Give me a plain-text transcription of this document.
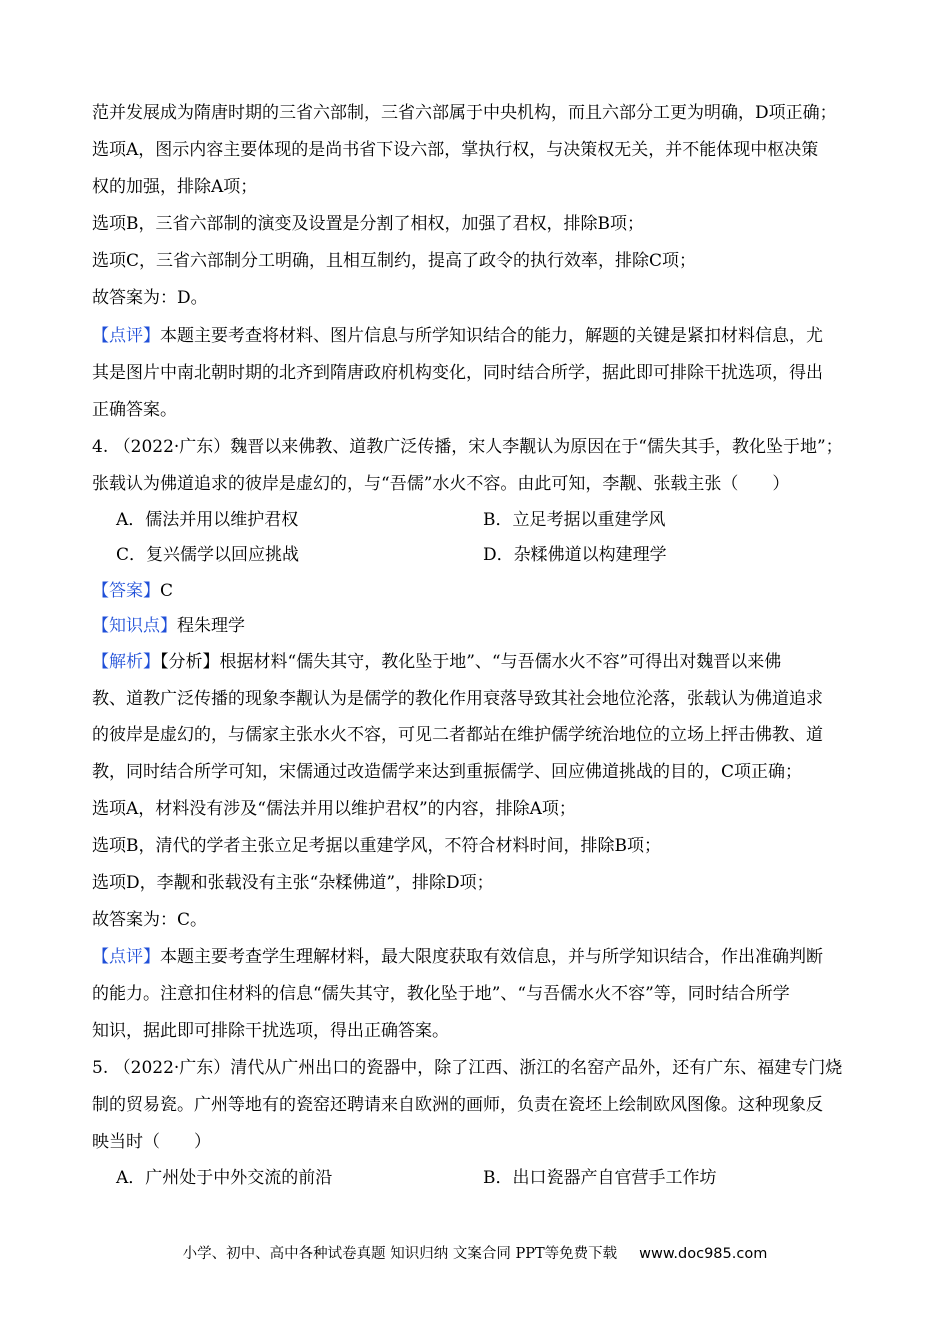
范并发展成为隋唐时期的三省六部制，三省六部属于中央机构，而且六部分工更为明确，D项正确；
选项A，图示内容主要体现的是尚书省下设六部，掌执行权，与决策权无关，并不能体现中枢决策
权的加强，排除A项；
选项B，三省六部制的演变及设置是分割了相权，加强了君权，排除B项；
选项C，三省六部制分工明确，且相互制约，提高了政令的执行效率，排除C项；
故答案为：D。
【点评】本题主要考查将材料、图片信息与所学知识结合的能力，解题的关键是紧扣材料信息，尤
其是图片中南北朝时期的北齐到隋唐政府机构变化，同时结合所学，据此即可排除干扰选项，得出
正确答案。
4. （2022·广东）魏晋以来佛教、道教广泛传播，宋人李觏认为原因在于“儒失其手，教化坠于地”；
张载认为佛道追求的彼岸是虚幻的，与“吾儒”水火不容。由此可知，李觏、张载主张（　　）
A．儒法并用以维护君权	B．立足考据以重建学风
C．复兴儒学以回应挑战	D．杂糅佛道以构建理学
【答案】C
【知识点】程朱理学
【解析】【分析】根据材料“儒失其守，教化坠于地”、“与吾儒水火不容”可得出对魏晋以来佛
教、道教广泛传播的现象李觏认为是儒学的教化作用衰落导致其社会地位沦落，张载认为佛道追求
的彼岸是虚幻的，与儒家主张水火不容，可见二者都站在维护儒学统治地位的立场上抨击佛教、道
教，同时结合所学可知，宋儒通过改造儒学来达到重振儒学、回应佛道挑战的目的，C项正确；
选项A，材料没有涉及“儒法并用以维护君权”的内容，排除A项；
选项B，清代的学者主张立足考据以重建学风，不符合材料时间，排除B项；
选项D，李觏和张载没有主张“杂糅佛道”，排除D项；
故答案为：C。
【点评】本题主要考查学生理解材料，最大限度获取有效信息，并与所学知识结合，作出准确判断
的能力。注意扣住材料的信息“儒失其守，教化坠于地”、“与吾儒水火不容”等，同时结合所学
知识，据此即可排除干扰选项，得出正确答案。
5. （2022·广东）清代从广州出口的瓷器中，除了江西、浙江的名窑产品外，还有广东、福建专门烧
制的贸易瓷。广州等地有的瓷窑还聘请来自欧洲的画师，负责在瓷坯上绘制欧风图像。这种现象反
映当时（　　）
A．广州处于中外交流的前沿	B．出口瓷器产自官营手工作坊
小学、初中、高中各种试卷真题 知识归纳 文案合同 PPT等免费下载 www.doc985.com
